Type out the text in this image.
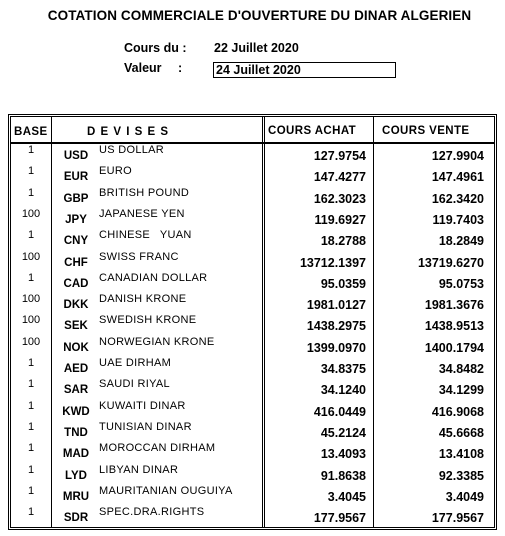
COTATION COMMERCIALE D'OUVERTURE DU DINAR ALGERIEN
Cours du : 22 Juillet 2020
Valeur :	24 Juillet 2020
BASE	D E V I S E S	COURS ACHAT COURS VENTE
1	USD US DOLLAR	127.9754	127.9904
1	EUR EURO	147.4277	147.4961
1	GBP BRITISH POUND	162.3023	162.3420
100	JPY	JAPANESE YEN	119.6927	119.7403
1	CNY CHINESE   YUAN	18.2788	18.2849
100	CHF	SWISS FRANC	13712.1397	13719.6270
1	CAD CANADIAN DOLLAR	95.0359	95.0753
100	DKK DANISH KRONE	1981.0127	1981.3676
100	SEK	SWEDISH KRONE	1438.2975	1438.9513
100	NOK NORWEGIAN KRONE	1399.0970	1400.1794
1	AED UAE DIRHAM	34.8375	34.8482
1	SAR SAUDI RIYAL	34.1240	34.1299
1	KWD KUWAITI DINAR	416.0449	416.9068
1	TND	TUNISIAN DINAR	45.2124	45.6668
1	MAD MOROCCAN DIRHAM	13.4093	13.4108
1	LYD	LIBYAN DINAR	91.8638	92.3385
1	MRU MAURITANIAN OUGUIYA	3.4045	3.4049
1	SDR SPEC.DRA.RIGHTS	177.9567	177.9567
